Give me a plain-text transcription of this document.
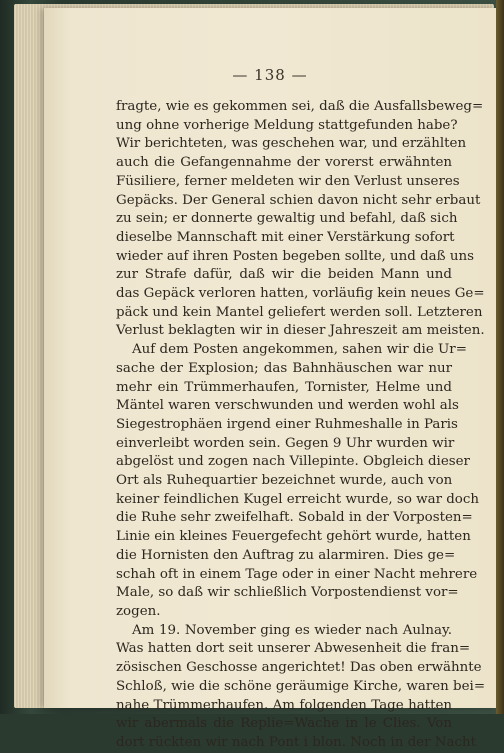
— 138 —
fragte, wie es gekommen sei, daß die Ausfallsbeweg=
ung ohne vorherige Meldung stattgefunden habe?
Wir berichteten, was geschehen war, und erzählten
auch die Gefangennahme der vorerst erwähnten
Füsiliere, ferner meldeten wir den Verlust unseres
Gepäcks. Der General schien davon nicht sehr erbaut
zu sein; er donnerte gewaltig und befahl, daß sich
dieselbe Mannschaft mit einer Verstärkung sofort
wieder auf ihren Posten begeben sollte, und daß uns
zur Strafe dafür, daß wir die beiden Mann und
das Gepäck verloren hatten, vorläufig kein neues Ge=
päck und kein Mantel geliefert werden soll. Letzteren
Verlust beklagten wir in dieser Jahreszeit am meisten.
Auf dem Posten angekommen, sahen wir die Ur=
sache der Explosion; das Bahnhäuschen war nur
mehr ein Trümmerhaufen, Tornister, Helme und
Mäntel waren verschwunden und werden wohl als
Siegestrophäen irgend einer Ruhmeshalle in Paris
einverleibt worden sein. Gegen 9 Uhr wurden wir
abgelöst und zogen nach Villepinte. Obgleich dieser
Ort als Ruhequartier bezeichnet wurde, auch von
keiner feindlichen Kugel erreicht wurde, so war doch
die Ruhe sehr zweifelhaft. Sobald in der Vorposten=
Linie ein kleines Feuergefecht gehört wurde, hatten
die Hornisten den Auftrag zu alarmiren. Dies ge=
schah oft in einem Tage oder in einer Nacht mehrere
Male, so daß wir schließlich Vorpostendienst vor=
zogen.
Am 19. November ging es wieder nach Aulnay.
Was hatten dort seit unserer Abwesenheit die fran=
zösischen Geschosse angerichtet! Das oben erwähnte
Schloß, wie die schöne geräumige Kirche, waren bei=
nahe Trümmerhaufen. Am folgenden Tage hatten
wir abermals die Replie=Wache in le Clies. Von
dort rückten wir nach Pont i blon. Noch in der Nacht
